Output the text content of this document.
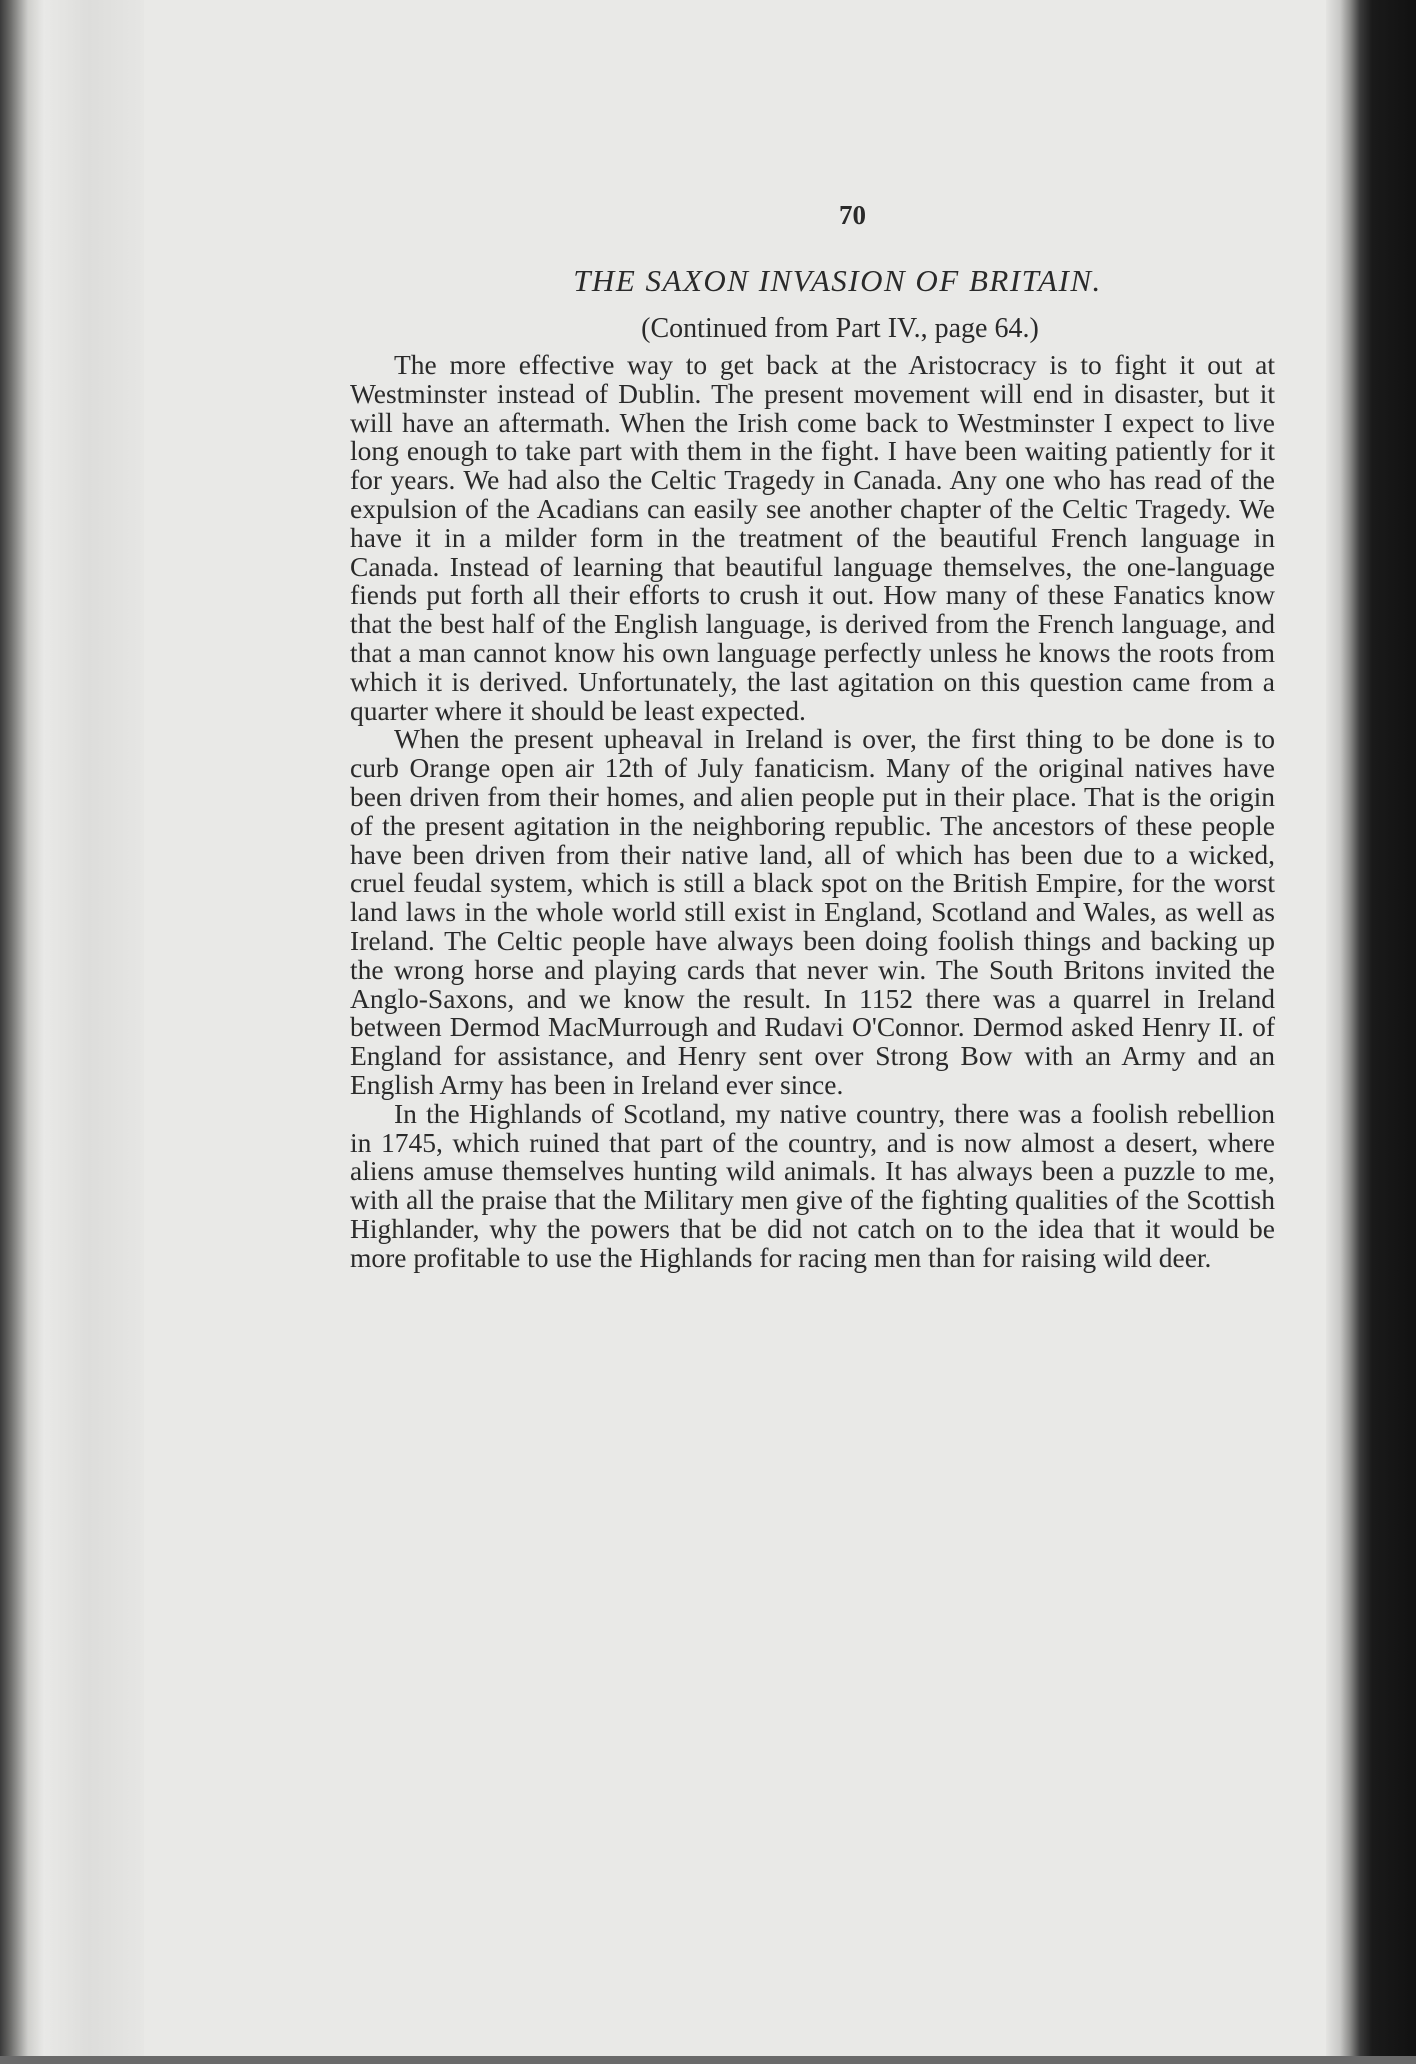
70
THE SAXON INVASION OF BRITAIN.
(Continued from Part IV., page 64.)

The more effective way to get back at the Aristocracy is to fight it out at Westminster instead of Dublin. The present movement will end in disaster, but it will have an aftermath. When the Irish come back to Westminster I expect to live long enough to take part with them in the fight. I have been waiting patiently for it for years. We had also the Celtic Tragedy in Canada. Any one who has read of the expulsion of the Acadians can easily see another chapter of the Celtic Tragedy. We have it in a milder form in the treatment of the beautiful French language in Canada. Instead of learning that beautiful language themselves, the one-language fiends put forth all their efforts to crush it out. How many of these Fanatics know that the best half of the English language, is derived from the French language, and that a man cannot know his own language perfectly unless he knows the roots from which it is derived. Unfortunately, the last agitation on this question came from a quarter where it should be least expected.

When the present upheaval in Ireland is over, the first thing to be done is to curb Orange open air 12th of July fanaticism. Many of the original natives have been driven from their homes, and alien people put in their place. That is the origin of the present agitation in the neighboring republic. The ancestors of these people have been driven from their native land, all of which has been due to a wicked, cruel feudal system, which is still a black spot on the British Empire, for the worst land laws in the whole world still exist in England, Scotland and Wales, as well as Ireland. The Celtic people have always been doing foolish things and backing up the wrong horse and playing cards that never win. The South Britons invited the Anglo-Saxons, and we know the result. In 1152 there was a quarrel in Ireland between Dermod MacMurrough and Rudavi O'Connor. Dermod asked Henry II. of England for assistance, and Henry sent over Strong Bow with an Army and an English Army has been in Ireland ever since.

In the Highlands of Scotland, my native country, there was a foolish rebellion in 1745, which ruined that part of the country, and is now almost a desert, where aliens amuse themselves hunting wild animals. It has always been a puzzle to me, with all the praise that the Military men give of the fighting qualities of the Scottish Highlander, why the powers that be did not catch on to the idea that it would be more profitable to use the Highlands for racing men than for raising wild deer.
